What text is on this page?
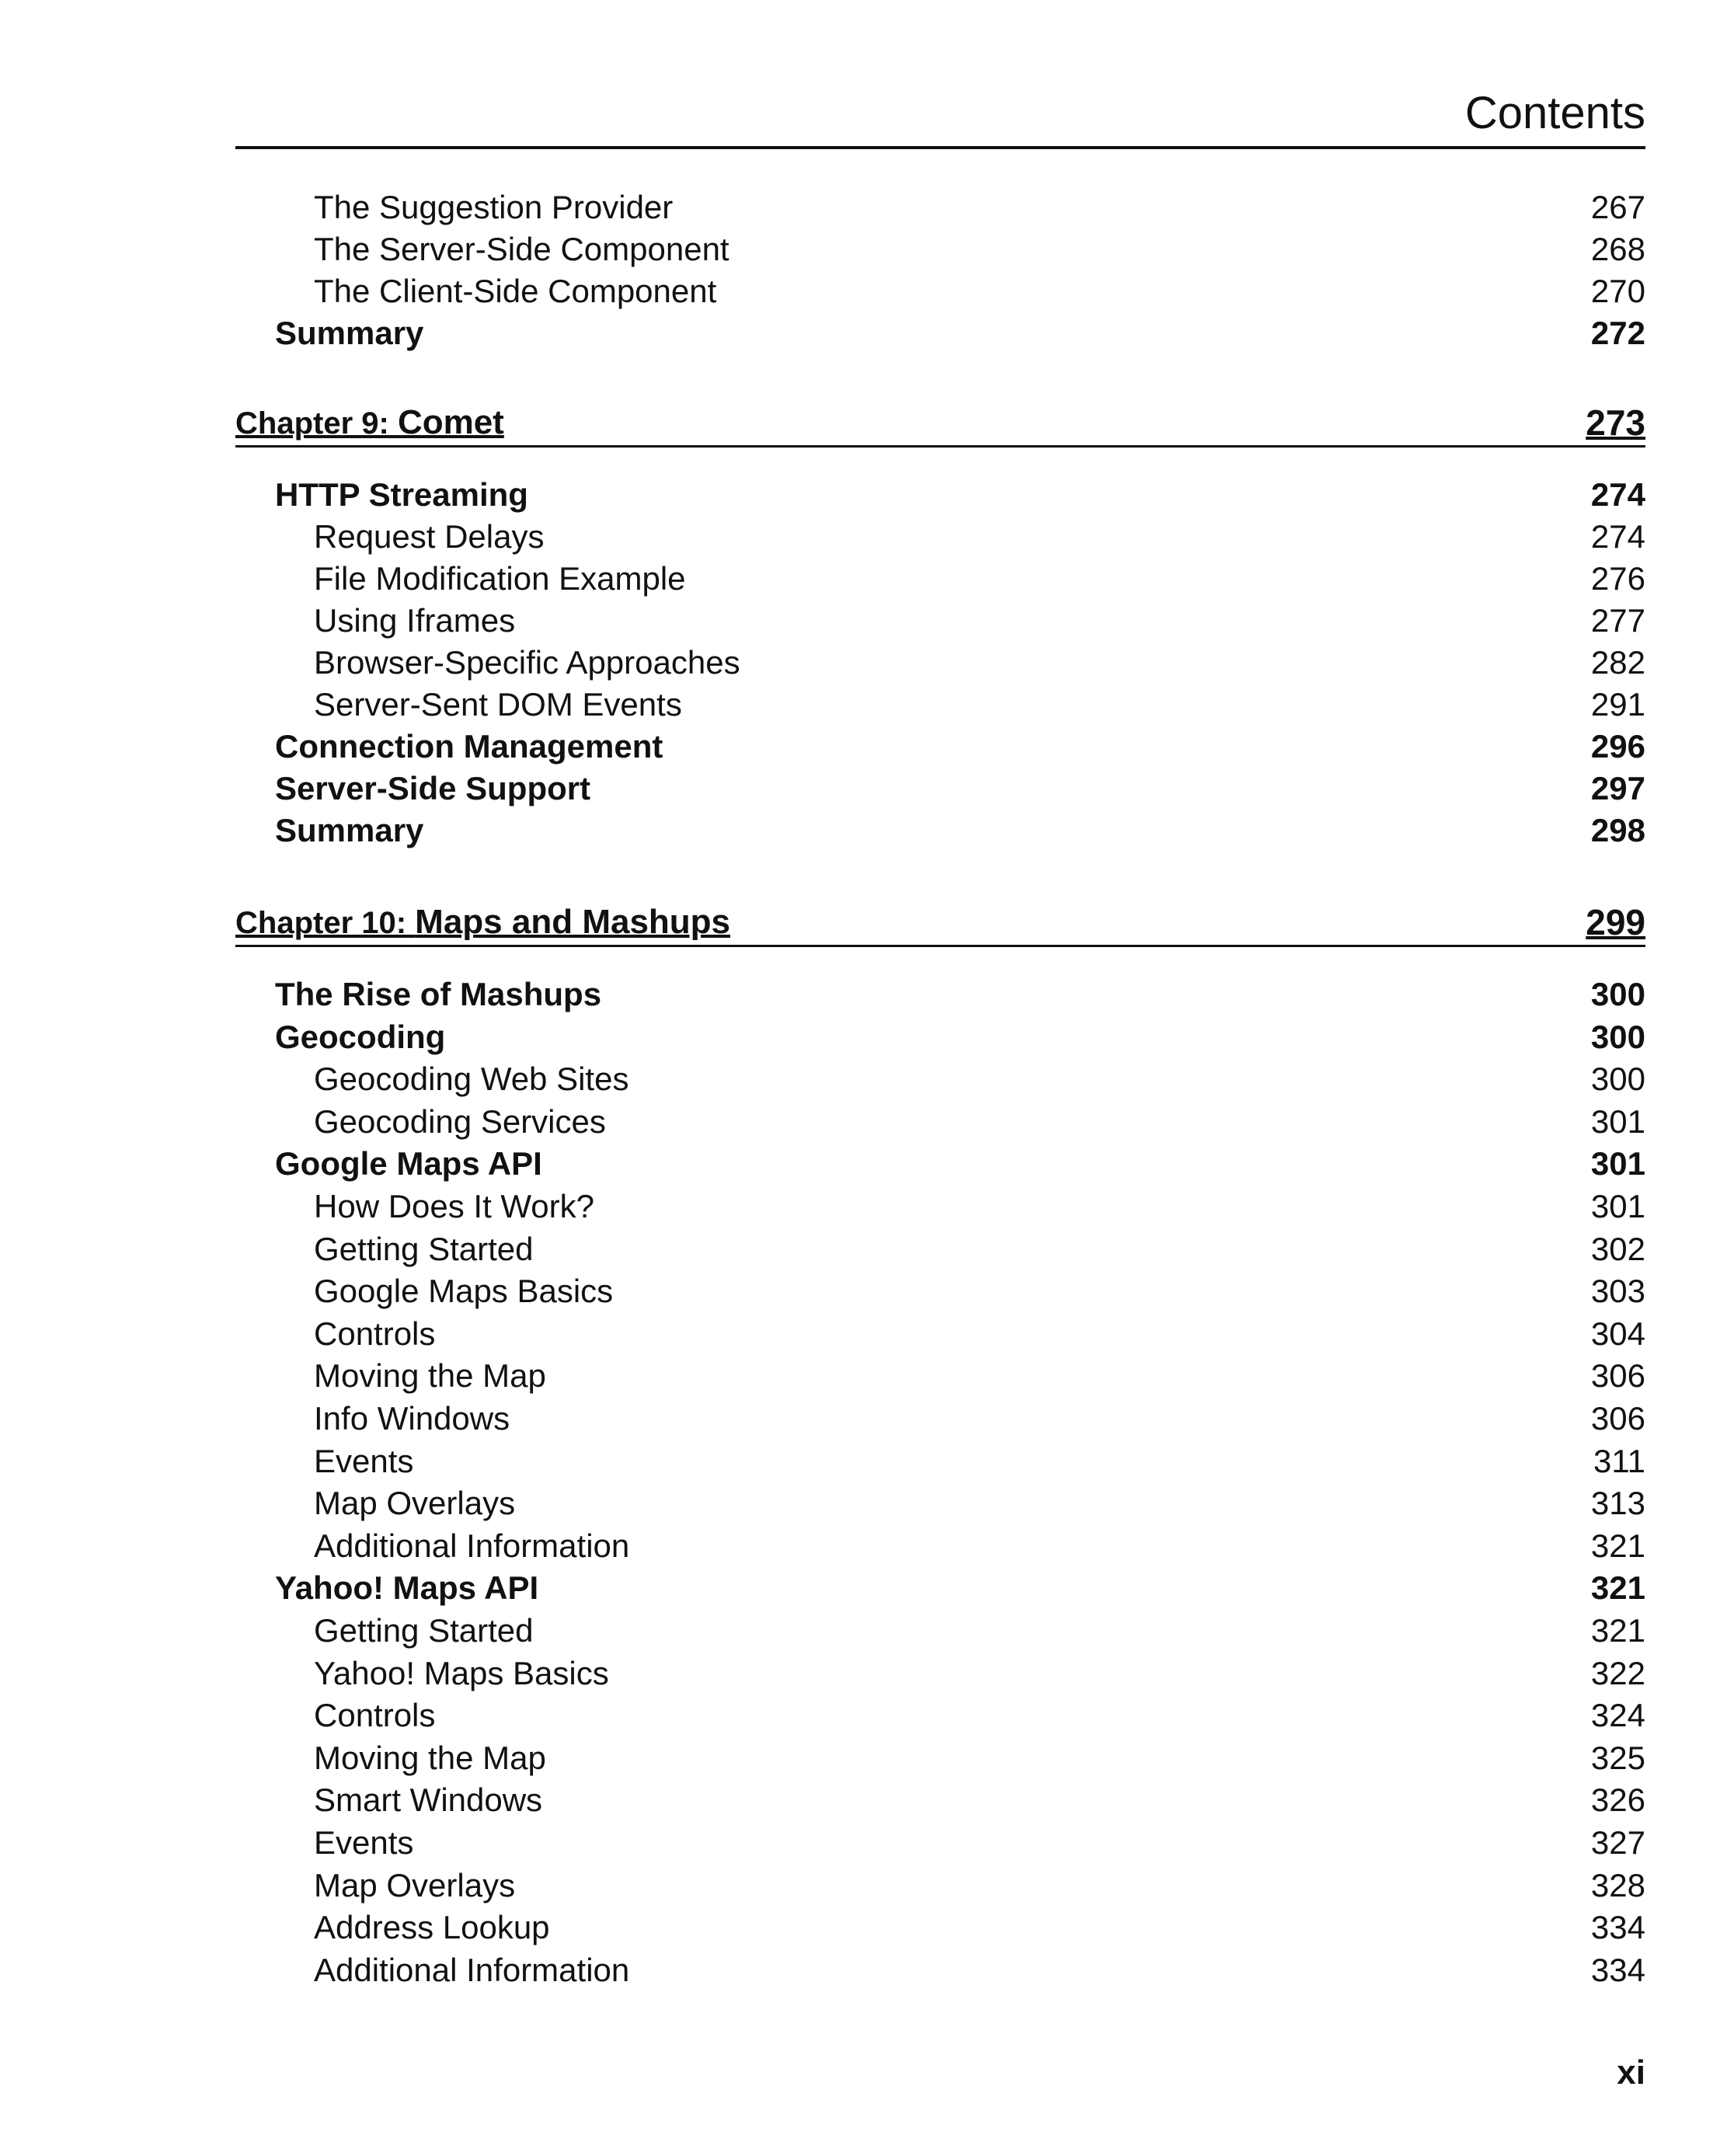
Contents
The Suggestion Provider	267
The Server-Side Component	268
The Client-Side Component	270
Summary	272
Chapter 9: Comet	273
HTTP Streaming	274
Request Delays	274
File Modification Example	276
Using Iframes	277
Browser-Specific Approaches	282
Server-Sent DOM Events	291
Connection Management	296
Server-Side Support	297
Summary	298
Chapter 10: Maps and Mashups	299
The Rise of Mashups	300
Geocoding	300
Geocoding Web Sites	300
Geocoding Services	301
Google Maps API	301
How Does It Work?	301
Getting Started	302
Google Maps Basics	303
Controls	304
Moving the Map	306
Info Windows	306
Events	311
Map Overlays	313
Additional Information	321
Yahoo! Maps API	321
Getting Started	321
Yahoo! Maps Basics	322
Controls	324
Moving the Map	325
Smart Windows	326
Events	327
Map Overlays	328
Address Lookup	334
Additional Information	334
xi
